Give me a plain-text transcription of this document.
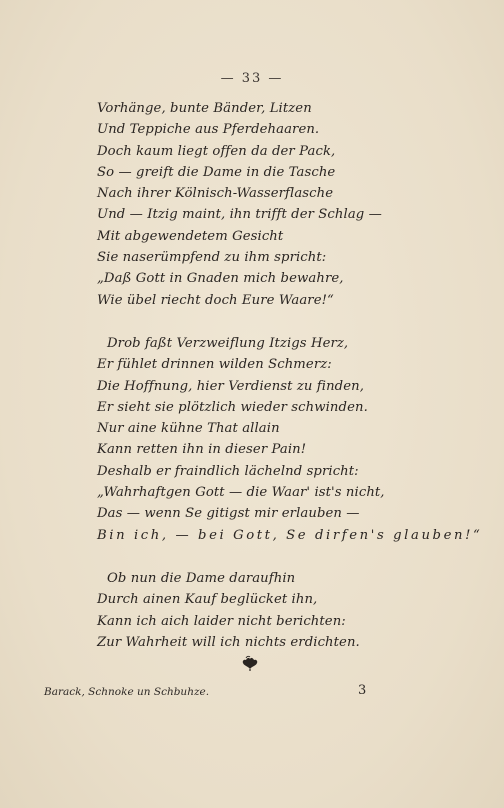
— 33 —
Vorhänge, bunte Bänder, Litzen
Und Teppiche aus Pferdehaaren.
Doch kaum liegt offen da der Pack,
So — greift die Dame in die Tasche
Nach ihrer Kölnisch-Wasserflasche
Und — Itzig maint, ihn trifft der Schlag —
Mit abgewendetem Gesicht
Sie naserümpfend zu ihm spricht:
„Daß Gott in Gnaden mich bewahre,
Wie übel riecht doch Eure Waare!“
Drob faßt Verzweiflung Itzigs Herz,
Er fühlet drinnen wilden Schmerz:
Die Hoffnung, hier Verdienst zu finden,
Er sieht sie plötzlich wieder schwinden.
Nur aine kühne That allain
Kann retten ihn in dieser Pain!
Deshalb er fraindlich lächelnd spricht:
„Wahrhaftgen Gott — die Waar' ist's nicht,
Das — wenn Se gitigst mir erlauben —
Bin ich, — bei Gott, Se dirfen's glauben!“
Ob nun die Dame daraufhin
Durch ainen Kauf beglücket ihn,
Kann ich aich laider nicht berichten:
Zur Wahrheit will ich nichts erdichten.
Barack, Schnoke un Schbuhze.	3
